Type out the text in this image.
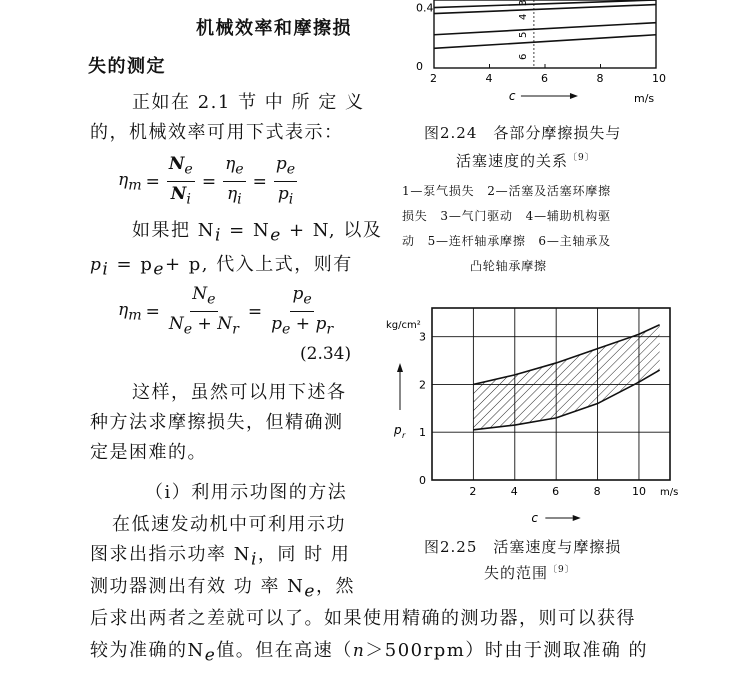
机械效率和摩擦损
失的测定
正如在 2.1 节 中 所 定 义
的，机械效率可用下式表示：
$\eta_m = \frac{N_e}{N_i} = \frac{\eta_e}{\eta_i} = \frac{p_e}{p_i}$
如果把 $N_i = N_e + N$, 以及
$p_i = p_e+ p$, 代入上式，则有
$\eta_m = \frac{N_e}{N_e + N_r} = \frac{p_e}{p_e + p_r}$
(2.34)
这样，虽然可以用下述各
种方法求摩擦损失，但精确测
定是困难的。
（ⅰ）利用示功图的方法
在低速发动机中可利用示功
图求出指示功率 $N_i$，同 时 用
测功器测出有效 功 率 $N_e$，然
后求出两者之差就可以了。如果使用精确的测功器，则可以获得
较为准确的$N_e$值。但在高速（n＞500rpm）时由于测取准确 的
6
5
4
3
2	4	6	8	10
0
0.4
m/s
c
图2.24　各部分摩擦损失与
活塞速度的关系$^{〔9〕}$
1—泵气损失　2—活塞及活塞环摩擦
损失　3—气门驱动　4—辅助机构驱
动　5—连杆轴承摩擦　6—主轴承及
凸轮轴承摩擦
2	4	6	8	10
0
1
2
3
kg/cm²
m/s
p r
c
图2.25　活塞速度与摩擦损
失的范围$^{〔9〕}$
